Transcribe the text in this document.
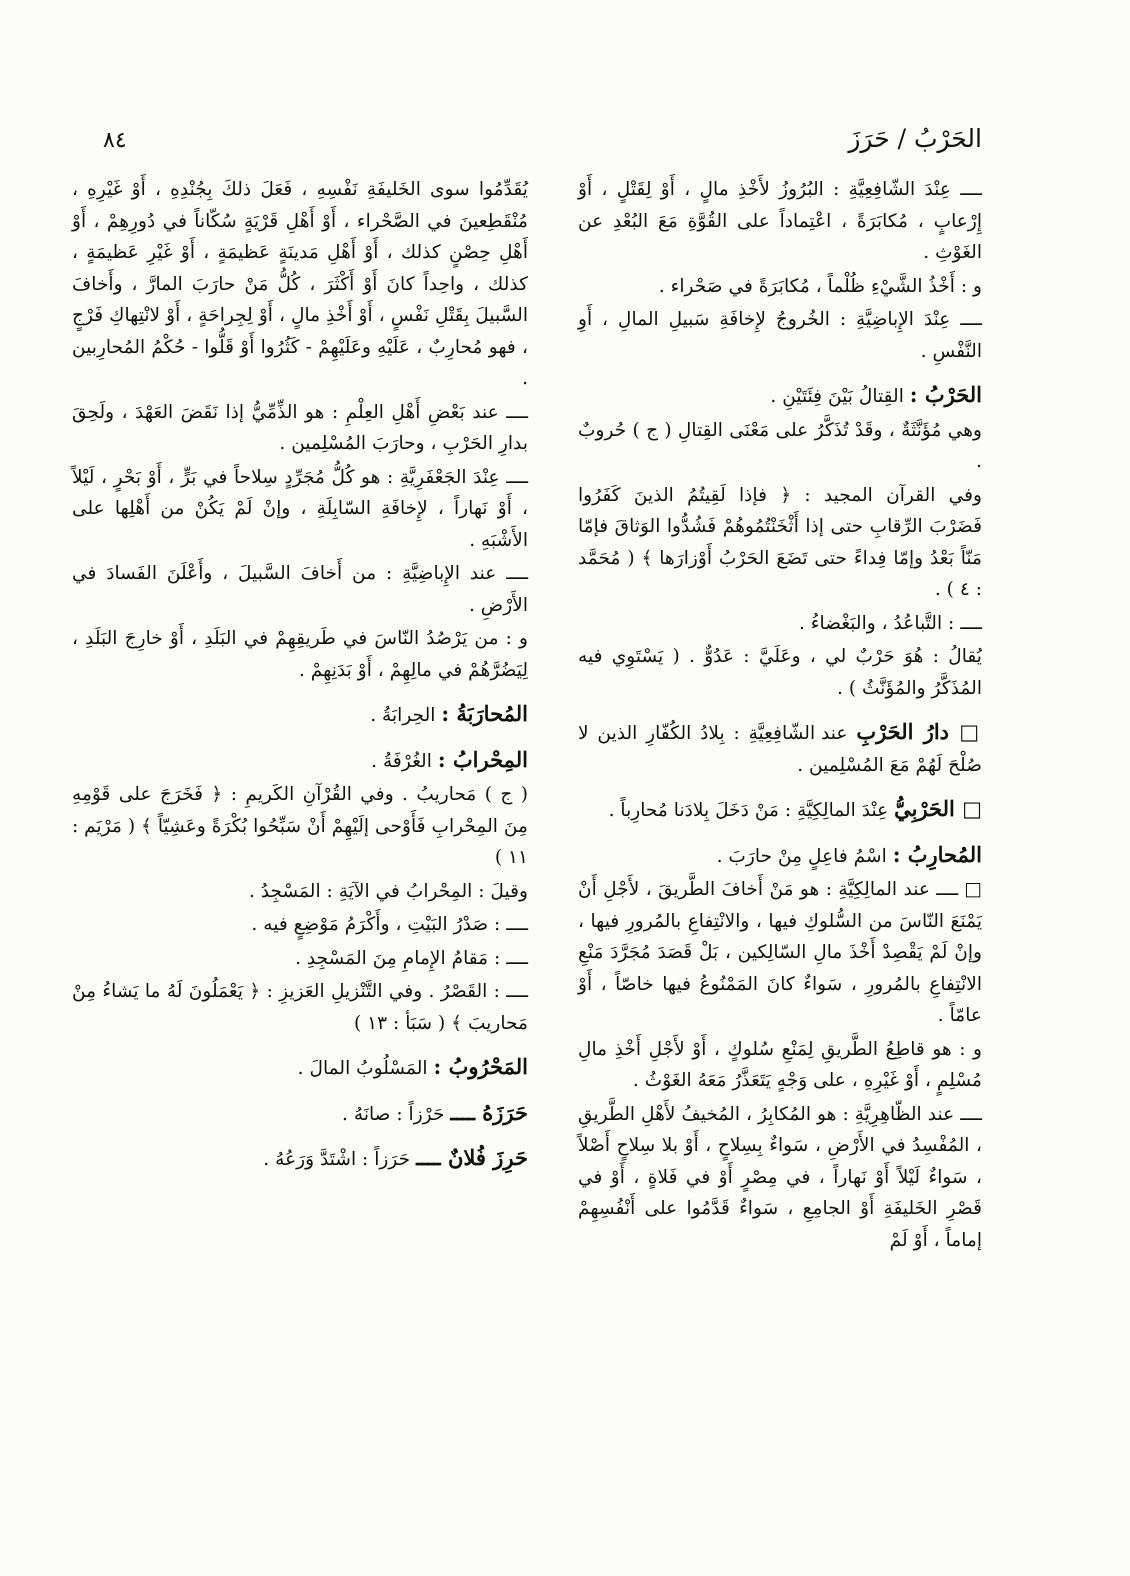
الحَرْبُ / حَرَزَ
٨٤

ــــ عِنْدَ الشّافِعِيَّةِ : البُرُوزُ لأَخْذِ مالٍ ، أَوْ لِقَتْلٍ ، أَوْ إِرْعابٍ ، مُكابَرَةً ، اعْتِماداً على القُوَّةِ مَعَ البُعْدِ عن الغَوْثِ .

و : أَخْذُ الشَّيْءِ ظُلْماً ، مُكابَرَةً في صَحْراء .

ــــ عِنْدَ الإِباضِيَّةِ : الخُروجُ لإِخافَةِ سَبيلِ المالِ ، أَوِ النَّفْسِ .

الحَرْبُ : القِتالُ بَيْنَ فِئَتَيْنِ .

وهي مُؤَنَّثَةٌ ، وقَدْ تُذَكَّرُ على مَعْنَى القِتالِ ( ج ) حُروبٌ .

وفي القرآن المجيد : ﴿ فإذا لَقِيتُمُ الذينَ كَفَرُوا فَضَرْبَ الرِّقابِ حتى إذا أَثْخَنْتُمُوهُمْ فَشُدُّوا الوَثاقَ فإمّا مَنّاً بَعْدُ وإمّا فِداءً حتى تَضَعَ الحَرْبُ أَوْزارَها ﴾ ( مُحَمَّد : ٤ ) .

ــــ : التَّباعُدُ ، والبَغْضاءُ .

يُقالُ : هُوَ حَرْبٌ لي ، وعَلَيَّ : عَدُوٌّ . ( يَسْتَوِي فيه المُذَكَّرُ والمُؤَنَّثُ ) .

□ دارُ الحَرْبِ عند الشّافِعِيَّةِ : بِلادُ الكُفّارِ الذين لا صُلْحَ لَهُمْ مَعَ المُسْلِمين .

□ الحَرْبِيُّ عِنْدَ المالِكِيَّةِ : مَنْ دَخَلَ بِلادَنا مُحارِباً .

المُحارِبُ : اسْمُ فاعِلٍ مِنْ حارَبَ .

□ ــــ عند المالِكِيَّةِ : هو مَنْ أَخافَ الطَّريقَ ، لأَجْلِ أَنْ يَمْنَعَ النّاسَ من السُّلوكِ فيها ، والانْتِفاعِ بالمُرورِ فيها ، وإنْ لَمْ يَقْصِدْ أَخْذَ مالِ السّالِكين ، بَلْ قَصَدَ مُجَرَّدَ مَنْعِ الانْتِفاعِ بالمُرورِ ، سَواءٌ كانَ المَمْنُوعُ فيها خاصّاً ، أَوْ عامّاً .

و : هو قاطِعُ الطَّريقِ لِمَنْعِ سُلوكٍ ، أَوْ لأَجْلِ أَخْذِ مالِ مُسْلِمٍ ، أَوْ غَيْرِهِ ، على وَجْهٍ يَتَعَذَّرُ مَعَهُ الغَوْثُ .

ــــ عند الظّاهِرِيَّةِ : هو المُكابِرُ ، المُخيفُ لأَهْلِ الطَّريقِ ، المُفْسِدُ في الأَرْضِ ، سَواءٌ بِسِلاحٍ ، أَوْ بلا سِلاحٍ أَصْلاً ، سَواءٌ لَيْلاً أَوْ نَهاراً ، في مِصْرٍ أَوْ في فَلاةٍ ، أَوْ في قَصْرِ الخَليفَةِ أَوْ الجامِعِ ، سَواءٌ قَدَّمُوا على أَنْفُسِهِمْ إماماً ، أَوْ لَمْ

يُقَدِّمُوا سوى الخَليفَةِ نَفْسِهِ ، فَعَلَ ذلكَ بِجُنْدِهِ ، أَوْ غَيْرِهِ ، مُنْقَطِعينَ في الصَّحْراء ، أَوْ أَهْلِ قَرْيَةٍ سُكّاناً في دُورِهِمْ ، أَوْ أَهْلِ حِصْنٍ كذلك ، أَوْ أَهْلِ مَدينَةٍ عَظيمَةٍ ، أَوْ غَيْرِ عَظيمَةٍ ، كذلك ، واحِداً كانَ أَوْ أَكْثَرَ ، كُلُّ مَنْ حارَبَ المارَّ ، وأَخافَ السَّبيلَ بِقَتْلِ نَفْسٍ ، أَوْ أَخْذِ مالٍ ، أَوْ لِجِراحَةٍ ، أَوْ لانْتِهاكِ فَرْجٍ ، فهو مُحارِبٌ ، عَلَيْهِ وعَلَيْهِمْ - كَثُرُوا أَوْ قَلُّوا - حُكْمُ المُحارِبين .

ــــ عند بَعْضِ أَهْلِ العِلْمِ : هو الذِّمِّيُّ إذا نَقَضَ العَهْدَ ، ولَحِقَ بدارِ الحَرْبِ ، وحارَبَ المُسْلِمين .

ــــ عِنْدَ الجَعْفَرِيَّةِ : هو كُلُّ مُجَرِّدٍ سِلاحاً في بَرٍّ ، أَوْ بَحْرٍ ، لَيْلاً ، أَوْ نَهاراً ، لإِخافَةِ السّابِلَةِ ، وإنْ لَمْ يَكُنْ من أَهْلِها على الأَشْبَهِ .

ــــ عند الإِباضِيَّةِ : من أَخافَ السَّبيلَ ، وأَعْلَنَ الفَسادَ في الأَرْضِ .

و : من يَرْصُدُ النّاسَ في طَريقِهِمْ في البَلَدِ ، أَوْ خارِجَ البَلَدِ ، لِيَضُرَّهُمْ في مالِهِمْ ، أَوْ بَدَنِهِمْ .

المُحارَبَةُ : الحِرابَةُ .

المِحْرابُ : الغُرْفَةُ .

( ج ) مَحاريبُ . وفي القُرْآنِ الكَريمِ : ﴿ فَخَرَجَ على قَوْمِهِ مِنَ المِحْرابِ فَأَوْحى إلَيْهِمْ أَنْ سَبِّحُوا بُكْرَةً وعَشِيّاً ﴾ ( مَرْيَم : ١١ )

وقيلَ : المِحْرابُ في الآيَةِ : المَسْجِدُ .

ــــ : صَدْرُ البَيْتِ ، وأَكْرَمُ مَوْضِعٍ فيه .

ــــ : مَقامُ الإِمامِ مِنَ المَسْجِدِ .

ــــ : القَصْرُ . وفي التَّنْزيلِ العَزيزِ : ﴿ يَعْمَلُونَ لَهُ ما يَشاءُ مِنْ مَحاريبَ ﴾ ( سَبَأ : ١٣ )

المَحْرُوبُ : المَسْلُوبُ المالَ .

حَرَزَهُ ــــ حَرْزاً : صانَهُ .

حَرِزَ فُلانٌ ــــ حَرَزاً : اشْتَدَّ وَرَعُهُ .
